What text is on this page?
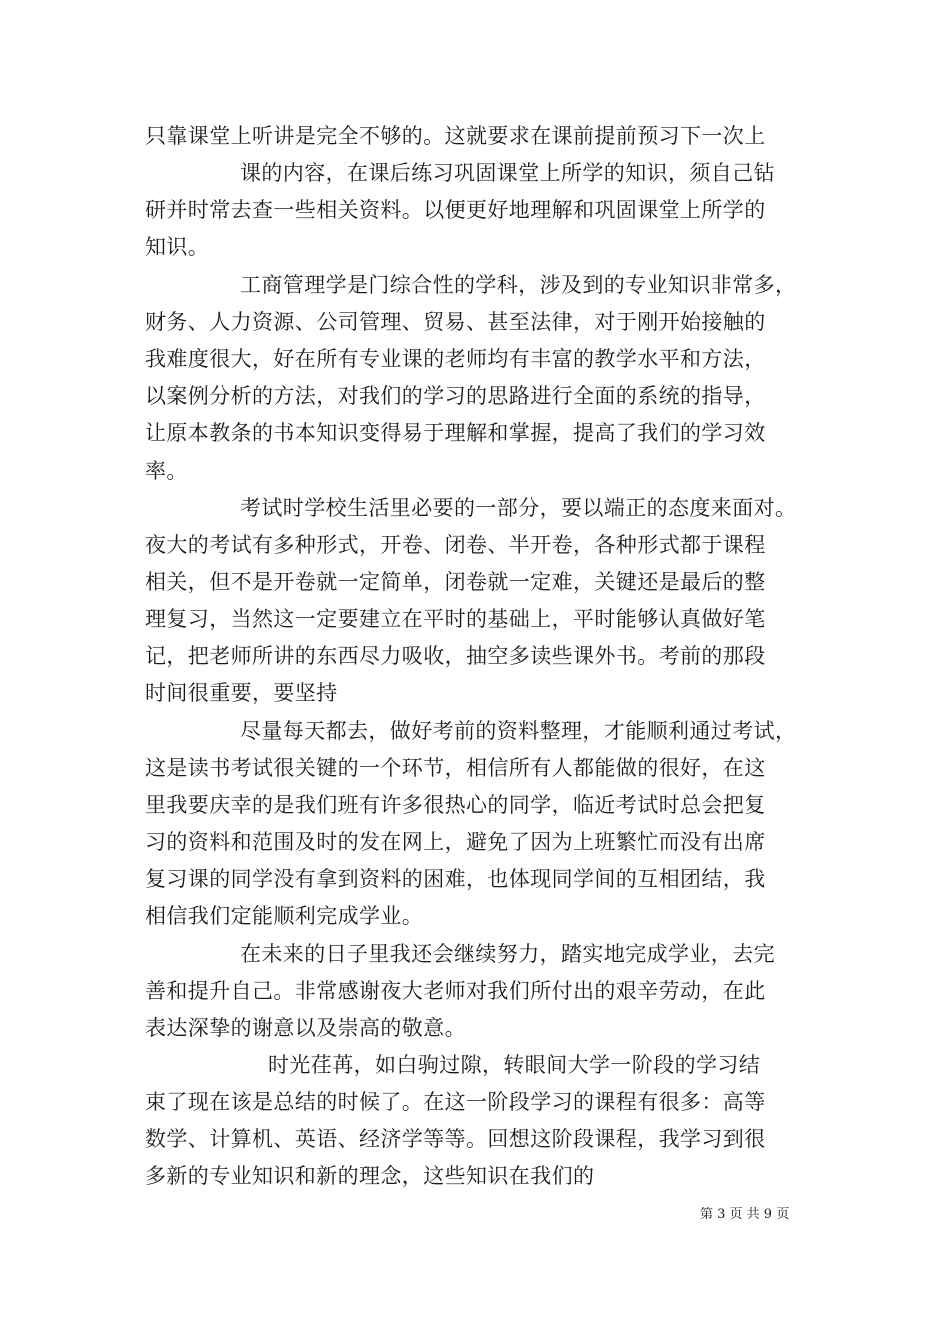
只靠课堂上听讲是完全不够的。这就要求在课前提前预习下一次上
课的内容，在课后练习巩固课堂上所学的知识，须自己钻
研并时常去查一些相关资料。以便更好地理解和巩固课堂上所学的
知识。
工商管理学是门综合性的学科，涉及到的专业知识非常多，
财务、人力资源、公司管理、贸易、甚至法律，对于刚开始接触的
我难度很大，好在所有专业课的老师均有丰富的教学水平和方法，
以案例分析的方法，对我们的学习的思路进行全面的系统的指导，
让原本教条的书本知识变得易于理解和掌握，提高了我们的学习效
率。
考试时学校生活里必要的一部分，要以端正的态度来面对。
夜大的考试有多种形式，开卷、闭卷、半开卷，各种形式都于课程
相关，但不是开卷就一定简单，闭卷就一定难，关键还是最后的整
理复习，当然这一定要建立在平时的基础上，平时能够认真做好笔
记，把老师所讲的东西尽力吸收，抽空多读些课外书。考前的那段
时间很重要，要坚持
尽量每天都去，做好考前的资料整理，才能顺利通过考试，
这是读书考试很关键的一个环节，相信所有人都能做的很好，在这
里我要庆幸的是我们班有许多很热心的同学，临近考试时总会把复
习的资料和范围及时的发在网上，避免了因为上班繁忙而没有出席
复习课的同学没有拿到资料的困难，也体现同学间的互相团结，我
相信我们定能顺利完成学业。
在未来的日子里我还会继续努力，踏实地完成学业，去完
善和提升自己。非常感谢夜大老师对我们所付出的艰辛劳动，在此
表达深挚的谢意以及崇高的敬意。
时光荏苒，如白驹过隙，转眼间大学一阶段的学习结
束了现在该是总结的时候了。在这一阶段学习的课程有很多：高等
数学、计算机、英语、经济学等等。回想这阶段课程，我学习到很
多新的专业知识和新的理念，这些知识在我们的
第 3 页 共 9 页
